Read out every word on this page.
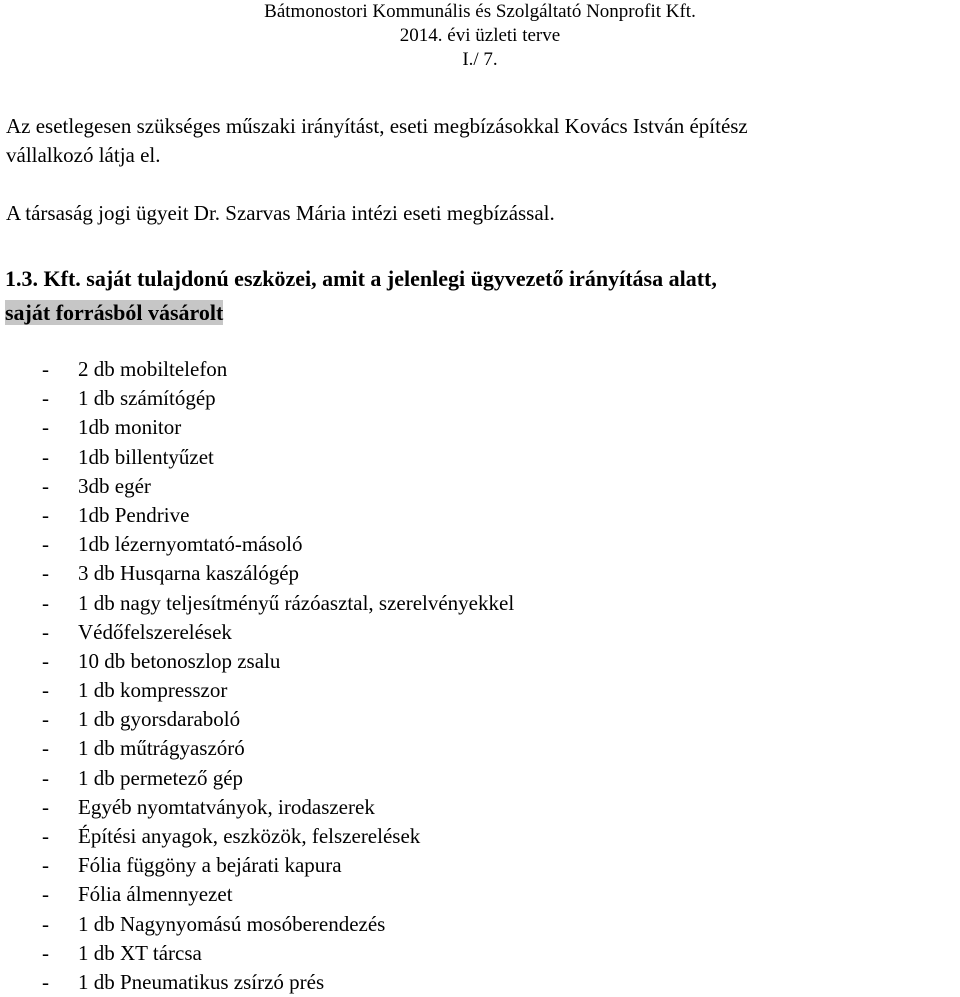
Bátmonostori Kommunális és Szolgáltató Nonprofit Kft.
2014. évi üzleti terve
I./ 7.
Az esetlegesen szükséges műszaki irányítást, eseti megbízásokkal Kovács István építész
vállalkozó látja el.
A társaság jogi ügyeit Dr. Szarvas Mária intézi eseti megbízással.
1.3. Kft. saját tulajdonú eszközei, amit a jelenlegi ügyvezető irányítása alatt,
saját forrásból vásárolt
- 2 db mobiltelefon
- 1 db számítógép
- 1db monitor
- 1db billentyűzet
- 3db egér
- 1db Pendrive
- 1db lézernyomtató-másoló
- 3 db Husqarna kaszálógép
- 1 db nagy teljesítményű rázóasztal, szerelvényekkel
- Védőfelszerelések
- 10 db betonoszlop zsalu
- 1 db kompresszor
- 1 db gyorsdaraboló
- 1 db műtrágyaszóró
- 1 db permetező gép
- Egyéb nyomtatványok, irodaszerek
- Építési anyagok, eszközök, felszerelések
- Fólia függöny a bejárati kapura
- Fólia álmennyezet
- 1 db Nagynyomású mosóberendezés
- 1 db XT tárcsa
- 1 db Pneumatikus zsírzó prés
